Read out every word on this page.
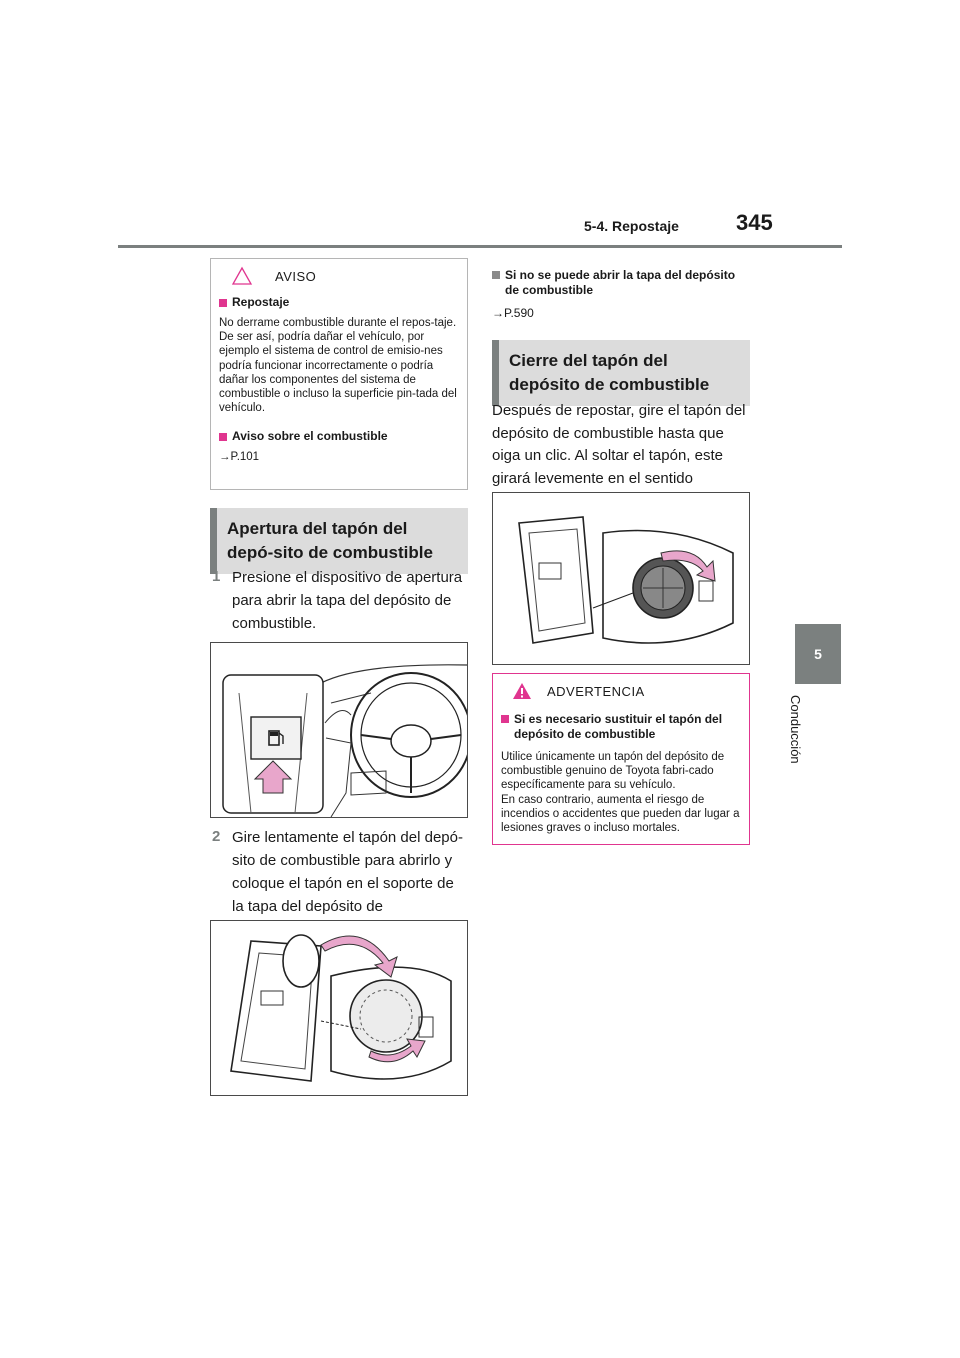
5-4. Repostaje	345
5
Conducción
AVISO
Repostaje
No derrame combustible durante el repos-taje.
De ser así, podría dañar el vehículo, por ejemplo el sistema de control de emisio-nes podría funcionar incorrectamente o podría dañar los componentes del sistema de combustible o incluso la superficie pin-tada del vehículo.
Aviso sobre el combustible
→P.101
Apertura del tapón del depó-sito de combustible
1 Presione el dispositivo de apertura para abrir la tapa del depósito de combustible.
2 Gire lentamente el tapón del depó-sito de combustible para abrirlo y coloque el tapón en el soporte de la tapa del depósito de
Si no se puede abrir la tapa del depósito de combustible
→P.590
Cierre del tapón del depósito de combustible
Después de repostar, gire el tapón del depósito de combustible hasta que oiga un clic. Al soltar el tapón, este girará levemente en el sentido
ADVERTENCIA
Si es necesario sustituir el tapón del depósito de combustible
Utilice únicamente un tapón del depósito de combustible genuino de Toyota fabri-cado específicamente para su vehículo.
En caso contrario, aumenta el riesgo de incendios o accidentes que pueden dar lugar a lesiones graves o incluso mortales.
